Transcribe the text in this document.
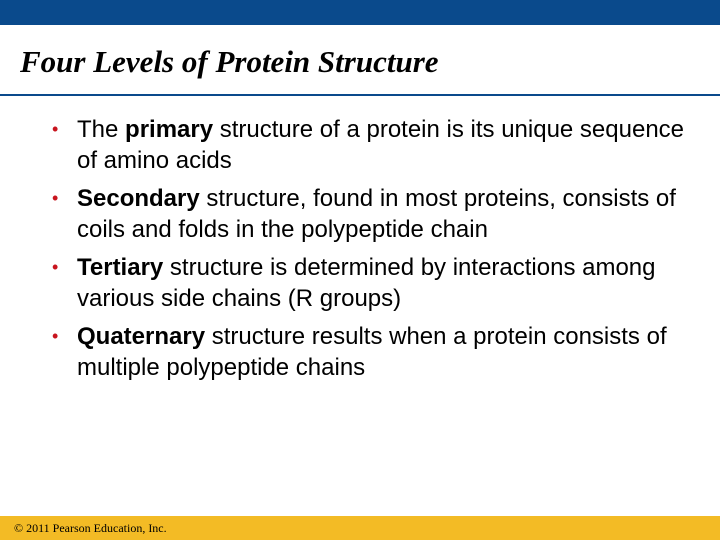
Four Levels of Protein Structure
• The primary structure of a protein is its unique sequence of amino acids
• Secondary structure, found in most proteins, consists of coils and folds in the polypeptide chain
• Tertiary structure is determined by interactions among various side chains (R groups)
• Quaternary structure results when a protein consists of multiple polypeptide chains
© 2011 Pearson Education, Inc.
